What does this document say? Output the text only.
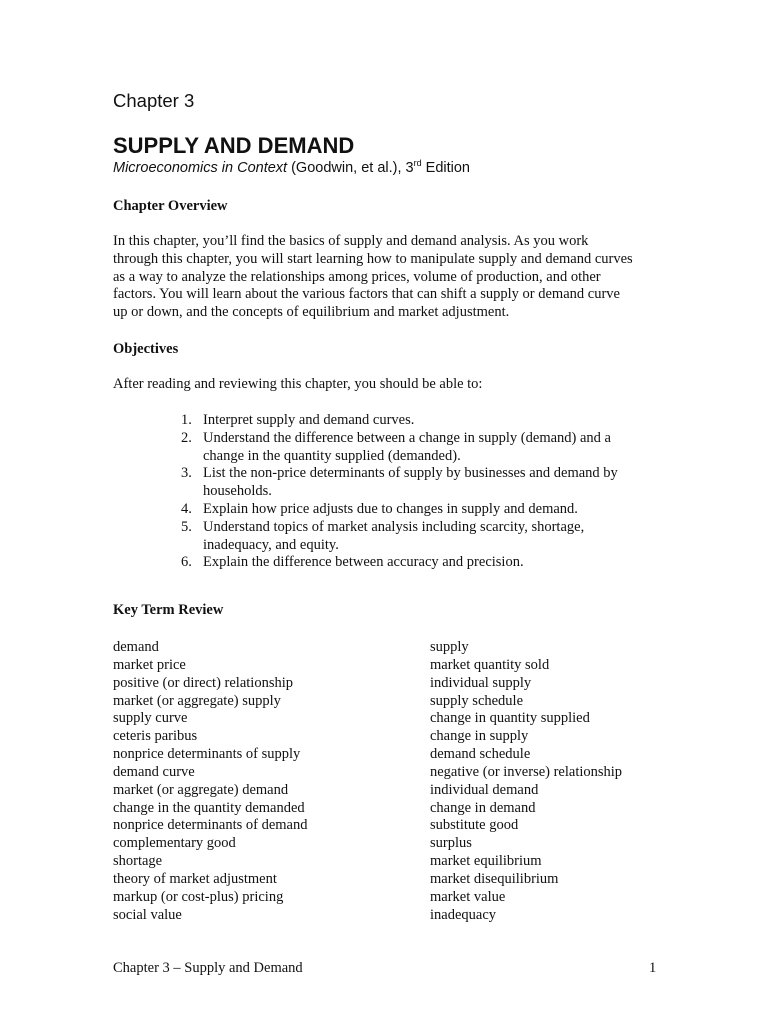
Chapter 3
SUPPLY AND DEMAND
Microeconomics in Context (Goodwin, et al.), 3rd Edition
Chapter Overview

In this chapter, you’ll find the basics of supply and demand analysis. As you work
through this chapter, you will start learning how to manipulate supply and demand curves
as a way to analyze the relationships among prices, volume of production, and other
factors. You will learn about the various factors that can shift a supply or demand curve
up or down, and the concepts of equilibrium and market adjustment.

Objectives

After reading and reviewing this chapter, you should be able to:

1. Interpret supply and demand curves.
2. Understand the difference between a change in supply (demand) and a
change in the quantity supplied (demanded).
3. List the non-price determinants of supply by businesses and demand by
households.
4. Explain how price adjusts due to changes in supply and demand.
5. Understand topics of market analysis including scarcity, shortage,
inadequacy, and equity.
6. Explain the difference between accuracy and precision.
Key Term Review
demand
market price
positive (or direct) relationship
market (or aggregate) supply
supply curve
ceteris paribus
nonprice determinants of supply
demand curve
market (or aggregate) demand
change in the quantity demanded
nonprice determinants of demand
complementary good
shortage
theory of market adjustment
markup (or cost-plus) pricing
social value
supply
market quantity sold
individual supply
supply schedule
change in quantity supplied
change in supply
demand schedule
negative (or inverse) relationship
individual demand
change in demand
substitute good
surplus
market equilibrium
market disequilibrium
market value
inadequacy
Chapter 3 – Supply and Demand	1
